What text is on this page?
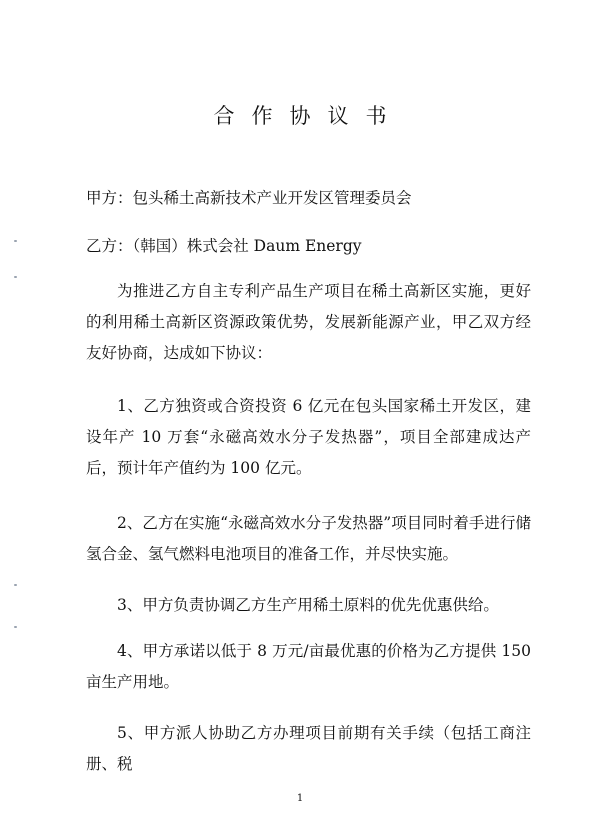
合作协议书
甲方：包头稀土高新技术产业开发区管理委员会
乙方：（韩国）株式会社 Daum Energy

为推进乙方自主专利产品生产项目在稀土高新区实施，更好的利用稀土高新区资源政策优势，发展新能源产业，甲乙双方经友好协商，达成如下协议：

1、乙方独资或合资投资 6 亿元在包头国家稀土开发区，建设年产 10 万套“永磁高效水分子发热器”，项目全部建成达产后，预计年产值约为 100 亿元。

2、乙方在实施“永磁高效水分子发热器”项目同时着手进行储氢合金、氢气燃料电池项目的准备工作，并尽快实施。

3、甲方负责协调乙方生产用稀土原料的优先优惠供给。

4、甲方承诺以低于 8 万元/亩最优惠的价格为乙方提供 150 亩生产用地。

5、甲方派人协助乙方办理项目前期有关手续（包括工商注册、税

1
